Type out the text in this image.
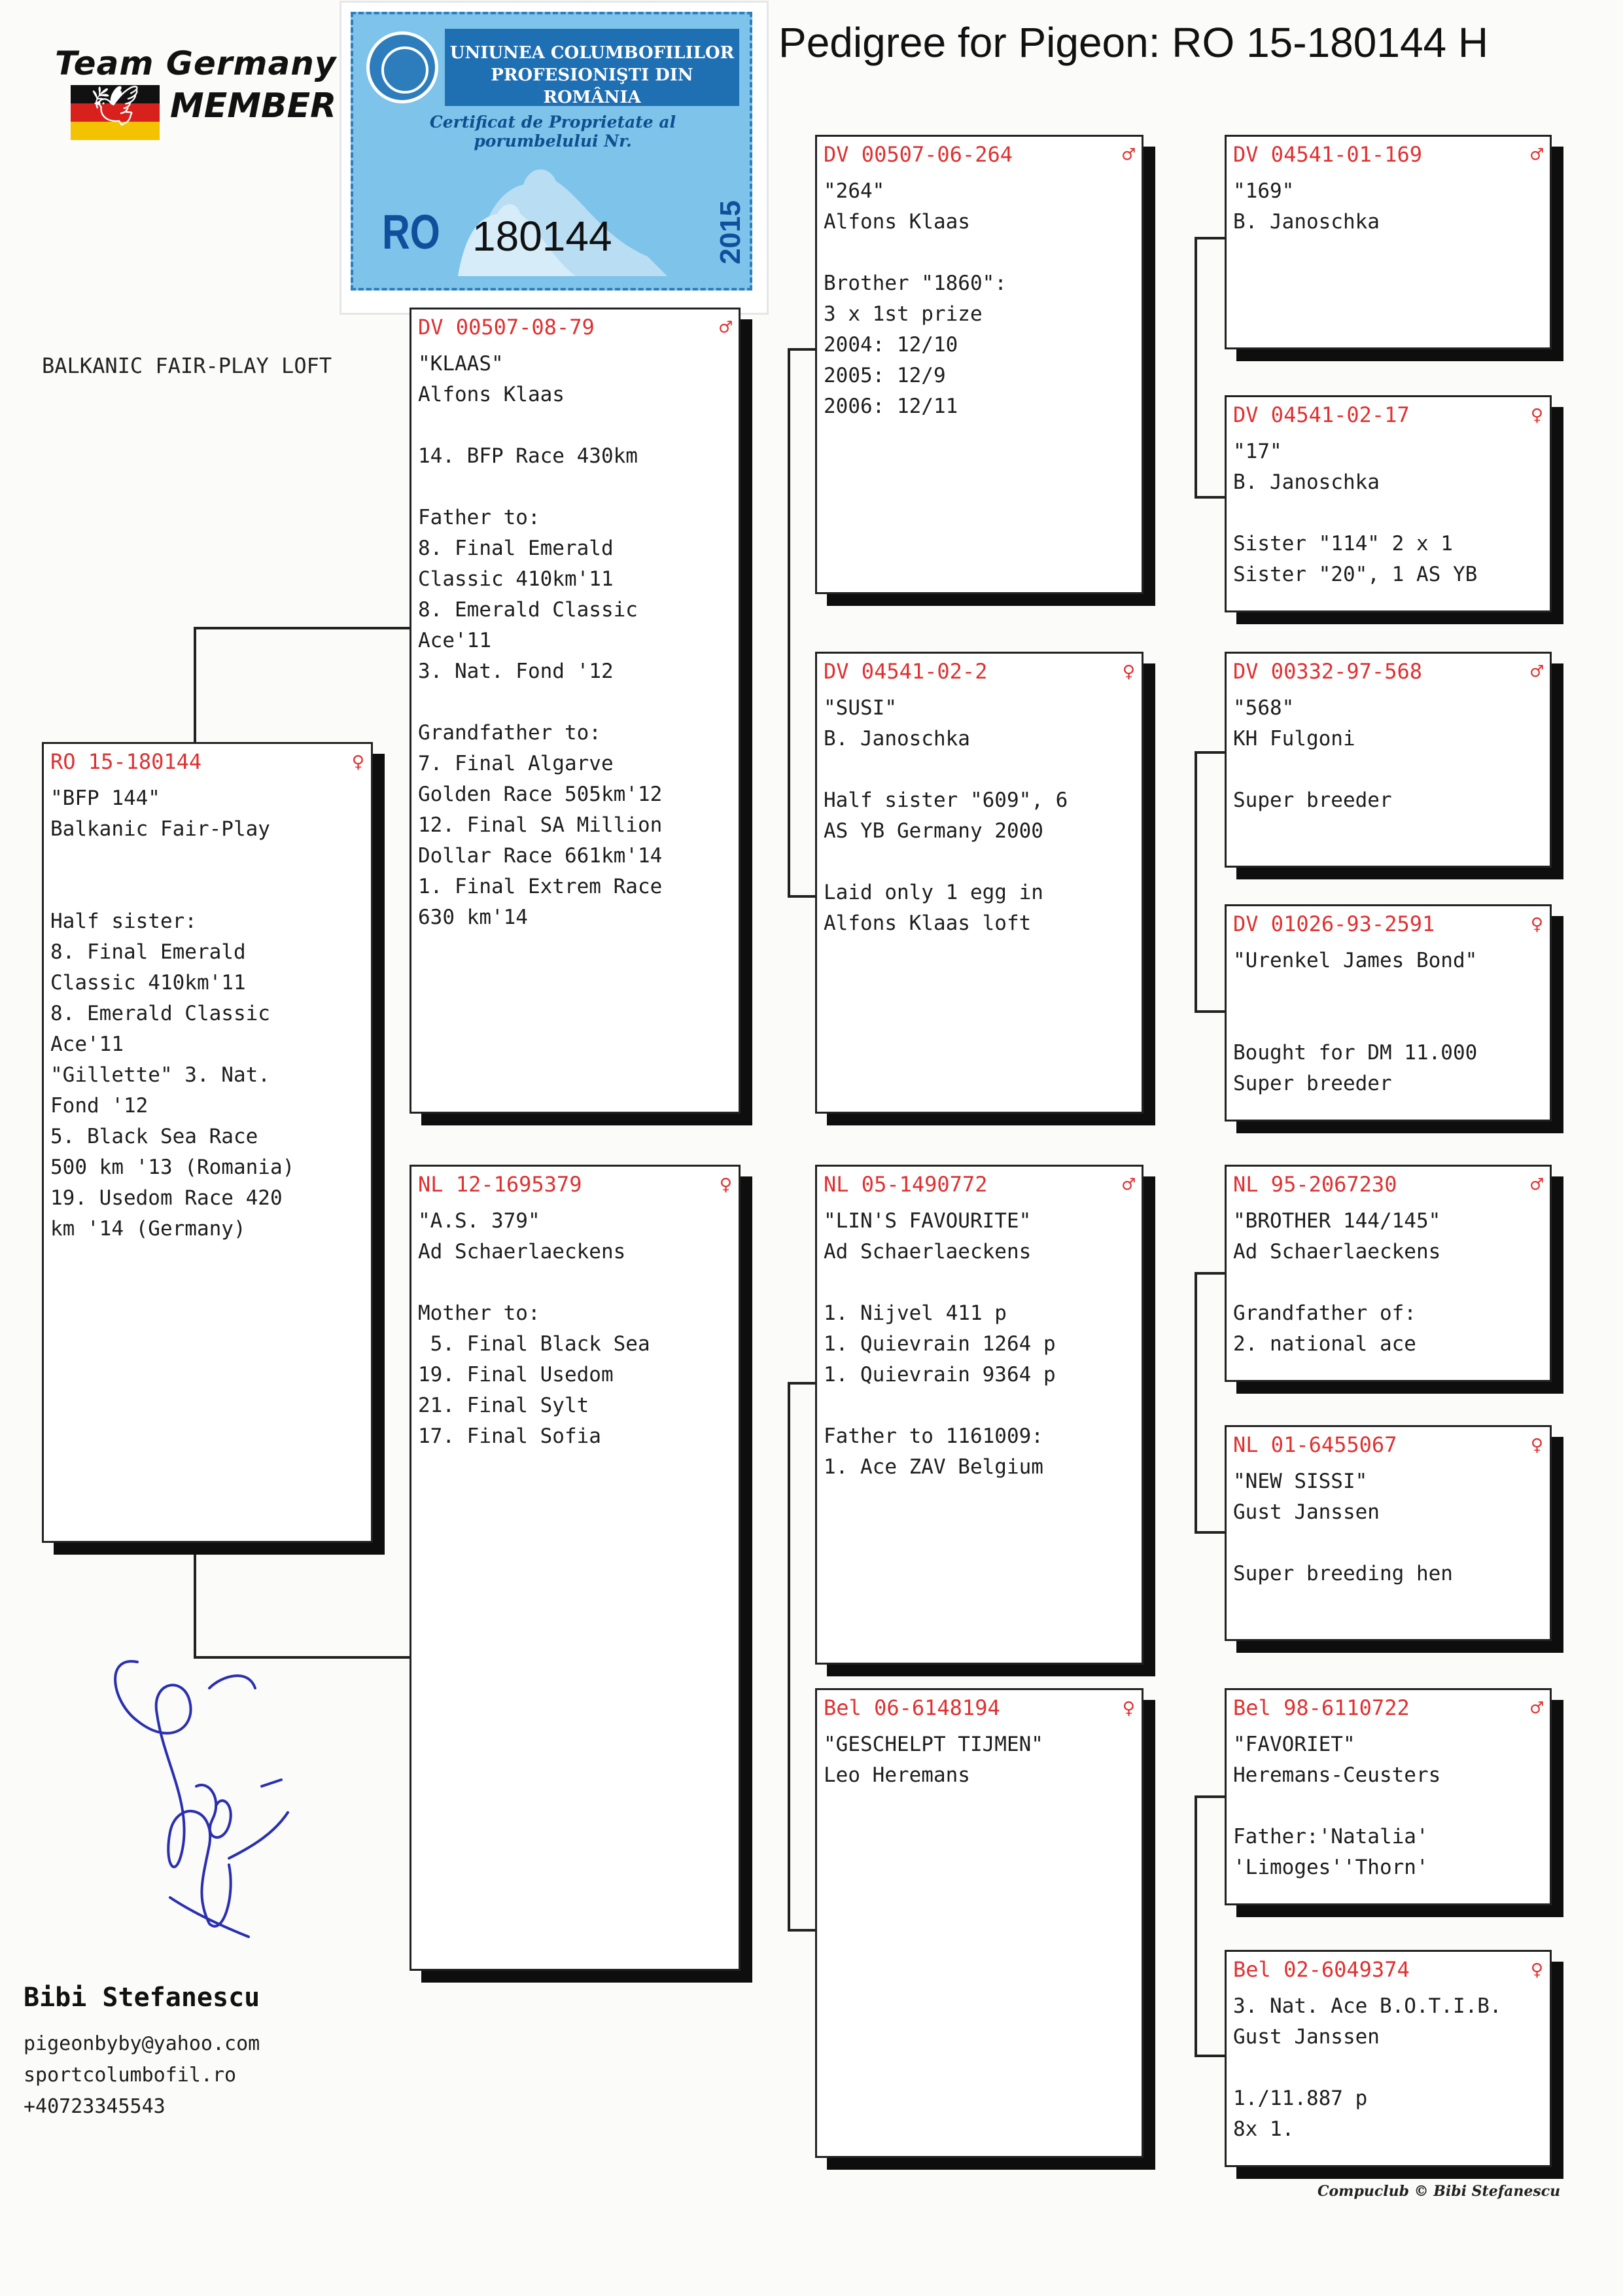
Team Germany
🕊 MEMBER
Pedigree for Pigeon: RO 15-180144 H
UNIUNEA COLUMBOFILILOR
PROFESIONIŞTI DIN ROMÂNIA
Certificat de Proprietate al porumbelului Nr.
RO 180144	2015
BALKANIC FAIR-PLAY LOFT
RO 15-180144	♀
"BFP 144"
Balkanic Fair-Play

Half sister:
8. Final Emerald
Classic 410km'11
8. Emerald Classic
Ace'11
"Gillette" 3. Nat.
Fond '12
5. Black Sea Race
500 km '13 (Romania)
19. Usedom Race 420
km '14 (Germany)
DV 00507-08-79	♂
"KLAAS"
Alfons Klaas

14. BFP Race 430km

Father to:
8. Final Emerald
Classic 410km'11
8. Emerald Classic
Ace'11
3. Nat. Fond '12

Grandfather to:
7. Final Algarve
Golden Race 505km'12
12. Final SA Million
Dollar Race 661km'14
1. Final Extrem Race
630 km'14
NL 12-1695379	♀
"A.S. 379"
Ad Schaerlaeckens

Mother to:
5. Final Black Sea
19. Final Usedom
21. Final Sylt
17. Final Sofia
DV 00507-06-264	♂
"264"
Alfons Klaas

Brother "1860":
3 x 1st prize
2004: 12/10
2005: 12/9
2006: 12/11
DV 04541-02-2	♀
"SUSI"
B. Janoschka

Half sister "609", 6
AS YB Germany 2000

Laid only 1 egg in
Alfons Klaas loft
NL 05-1490772	♂
"LIN'S FAVOURITE"
Ad Schaerlaeckens

1. Nijvel 411 p
1. Quievrain 1264 p
1. Quievrain 9364 p

Father to 1161009:
1. Ace ZAV Belgium
Bel 06-6148194	♀
"GESCHELPT TIJMEN"
Leo Heremans
DV 04541-01-169	♂
"169"
B. Janoschka
DV 04541-02-17	♀
"17"
B. Janoschka

Sister "114" 2 x 1
Sister "20", 1 AS YB
DV 00332-97-568	♂
"568"
KH Fulgoni

Super breeder
DV 01026-93-2591	♀
"Urenkel James Bond"

Bought for DM 11.000
Super breeder
NL 95-2067230	♂
"BROTHER 144/145"
Ad Schaerlaeckens

Grandfather of:
2. national ace
NL 01-6455067	♀
"NEW SISSI"
Gust Janssen

Super breeding hen
Bel 98-6110722	♂
"FAVORIET"
Heremans-Ceusters

Father:'Natalia'
'Limoges''Thorn'
Bel 02-6049374	♀
3. Nat. Ace B.O.T.I.B.
Gust Janssen

1./11.887 p
8x 1.
Bibi Stefanescu
pigeonbyby@yahoo.com
sportcolumbofil.ro
+40723345543
Compuclub © Bibi Stefanescu
